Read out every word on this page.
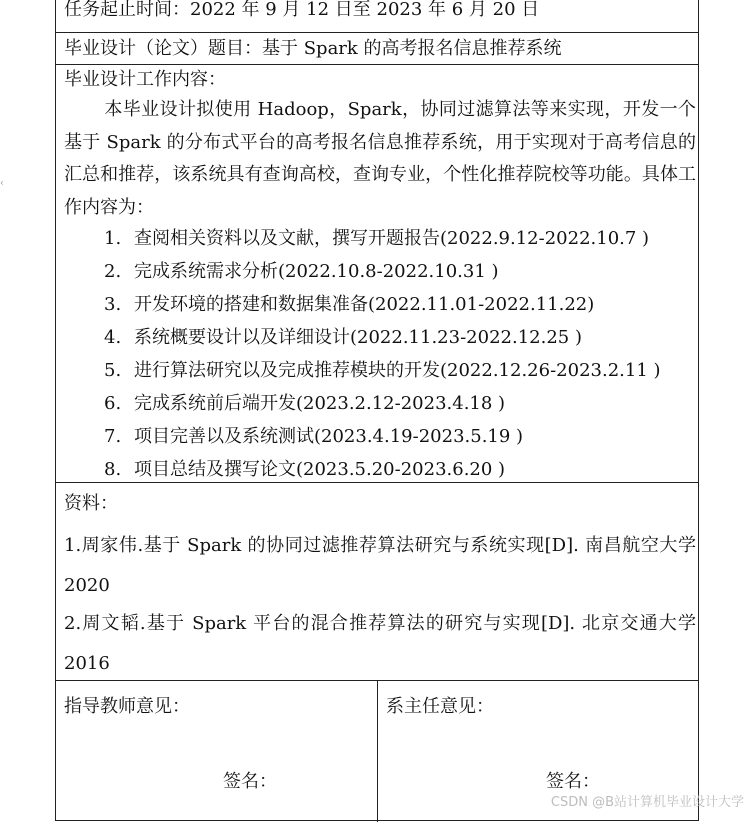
‹
任务起止时间：2022 年 9 月 12 日至 2023 年 6 月 20 日
毕业设计（论文）题目：基于 Spark 的高考报名信息推荐系统
毕业设计工作内容：
本毕业设计拟使用 Hadoop，Spark，协同过滤算法等来实现，开发一个基于 Spark 的分布式平台的高考报名信息推荐系统，用于实现对于高考信息的汇总和推荐，该系统具有查询高校，查询专业，个性化推荐院校等功能。具体工作内容为：
1. 查阅相关资料以及文献，撰写开题报告(2022.9.12-2022.10.7 )
2. 完成系统需求分析(2022.10.8-2022.10.31 )
3. 开发环境的搭建和数据集准备(2022.11.01-2022.11.22)
4. 系统概要设计以及详细设计(2022.11.23-2022.12.25 )
5. 进行算法研究以及完成推荐模块的开发(2022.12.26-2023.2.11 )
6. 完成系统前后端开发(2023.2.12-2023.4.18 )
7. 项目完善以及系统测试(2023.4.19-2023.5.19 )
8. 项目总结及撰写论文(2023.5.20-2023.6.20 )
资料：
1.周家伟.基于 Spark 的协同过滤推荐算法研究与系统实现[D]. 南昌航空大学 2020
2.周文韬.基于 Spark 平台的混合推荐算法的研究与实现[D]. 北京交通大学 2016
指导教师意见：
签名：
系主任意见：
签名：
CSDN @B站计算机毕业设计大学
